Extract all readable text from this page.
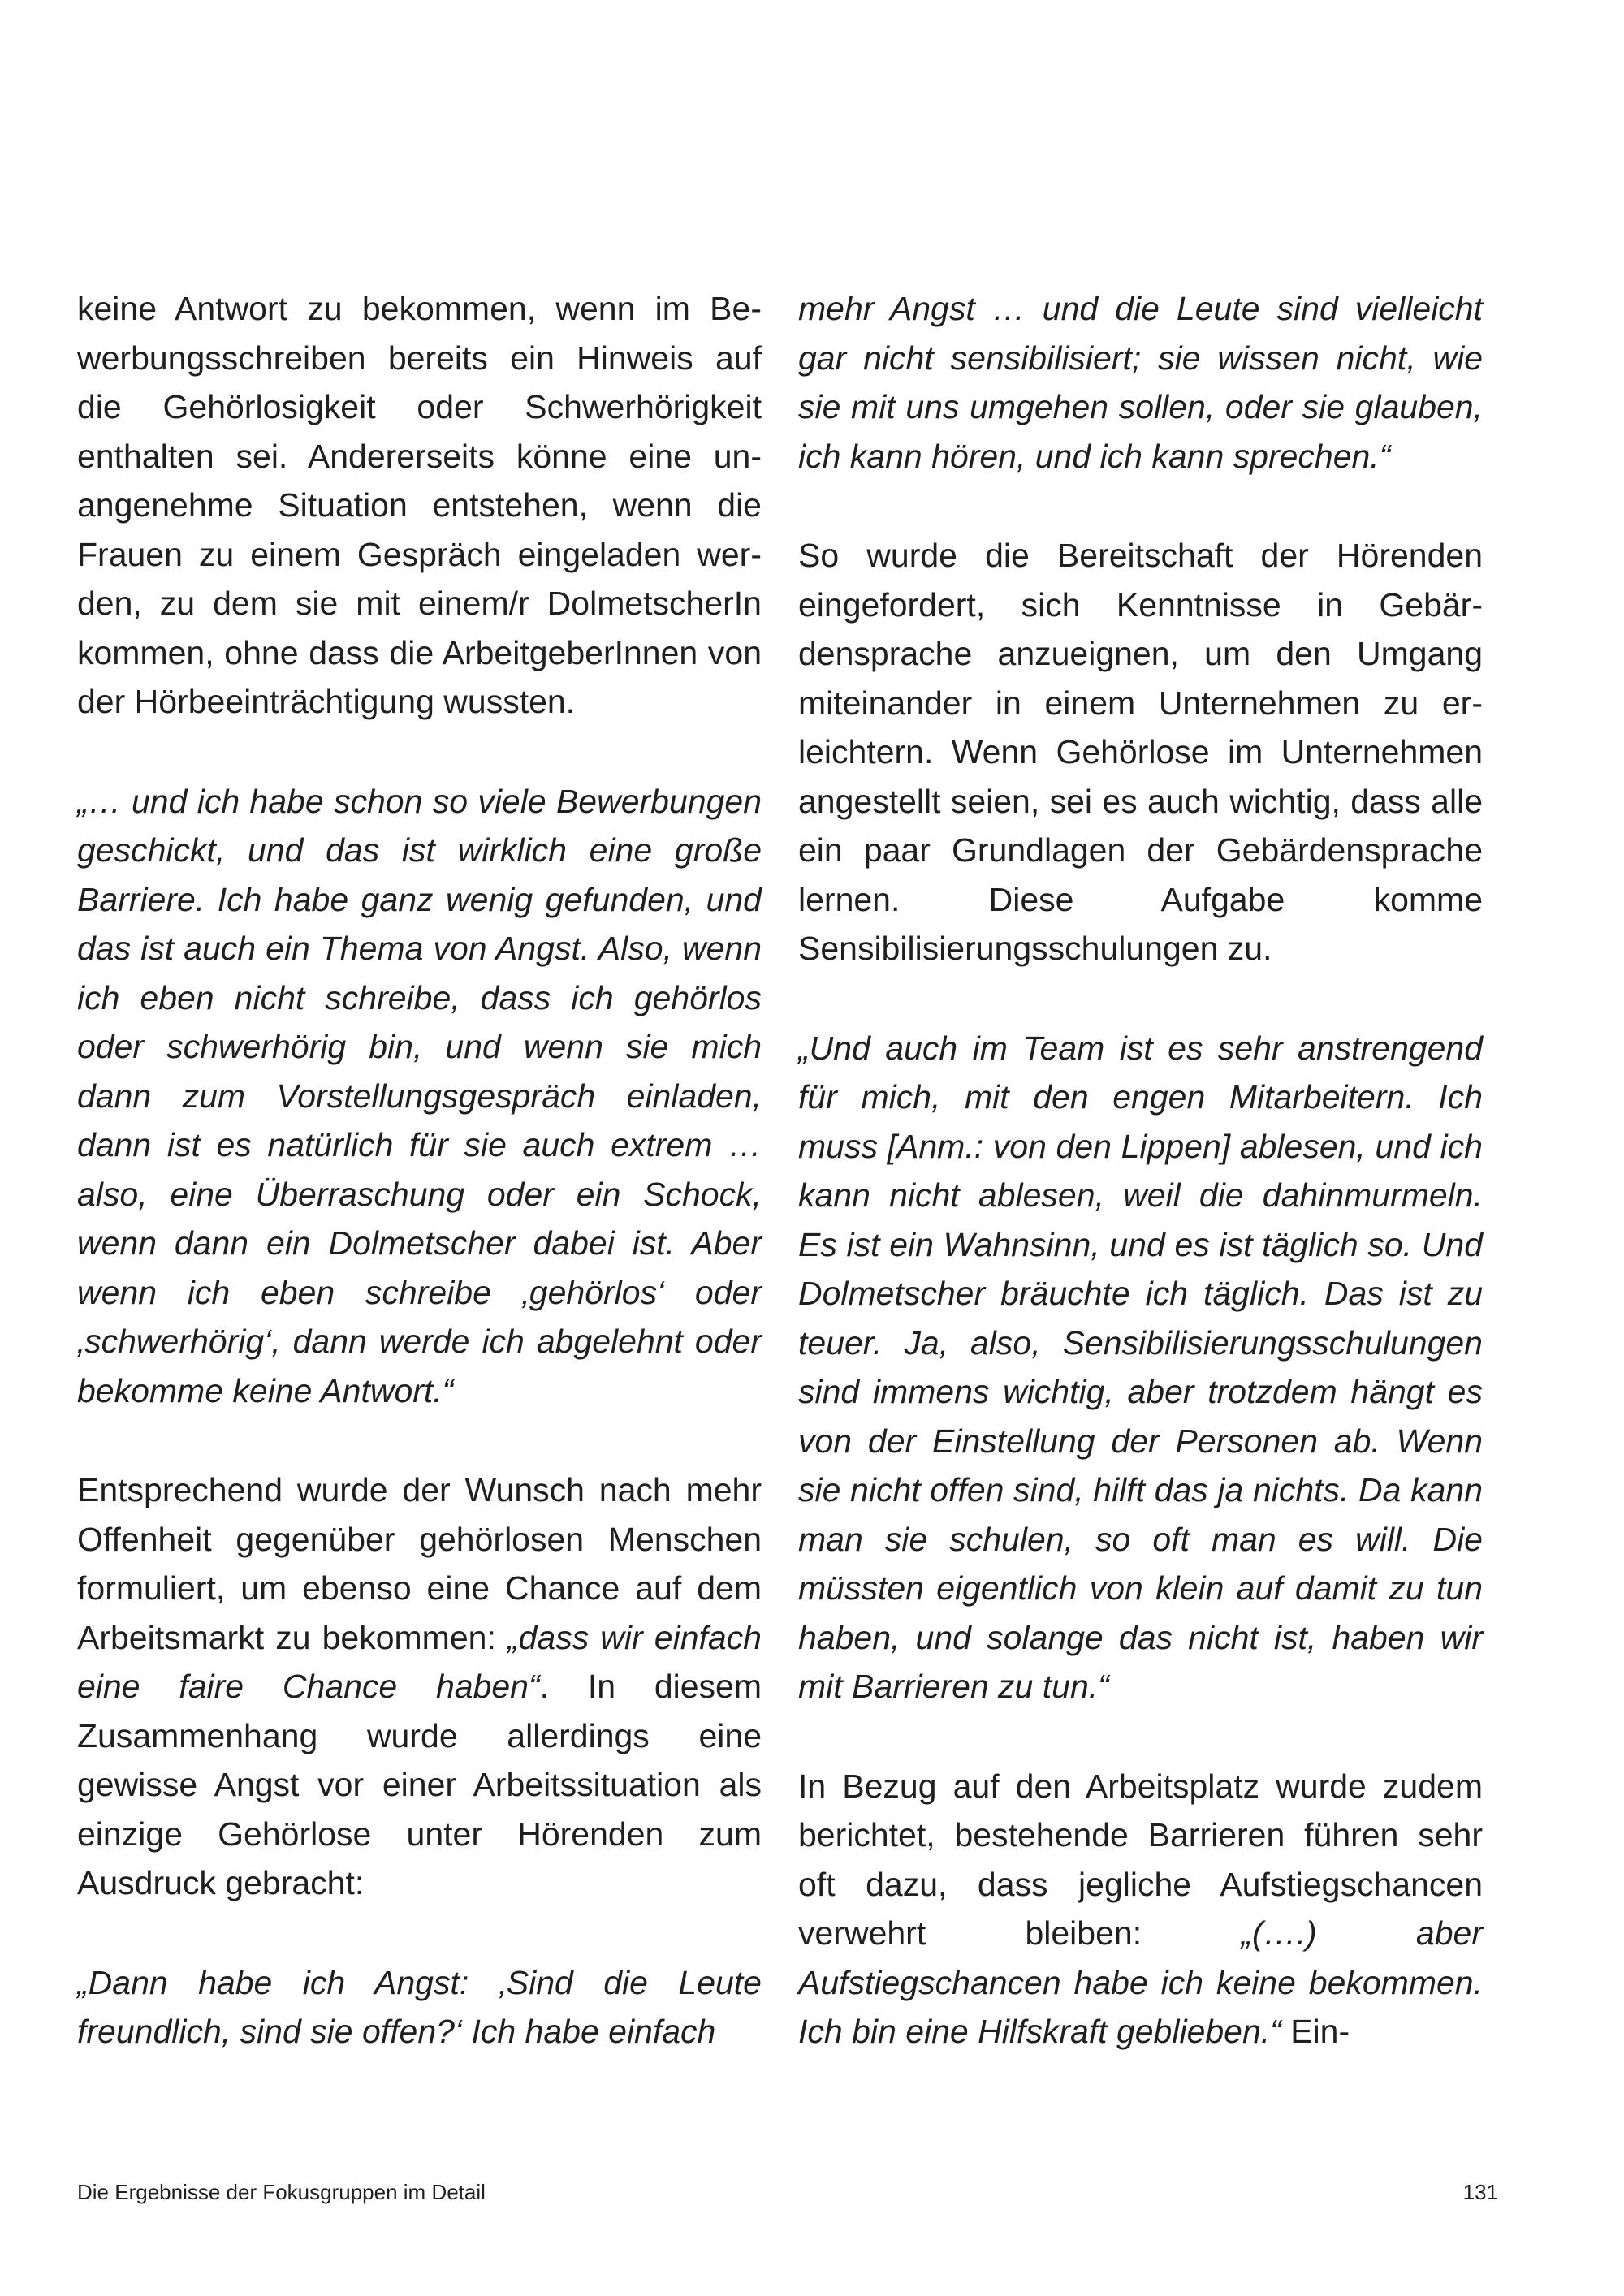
keine Antwort zu bekommen, wenn im Bewerbungsschreiben bereits ein Hinweis auf die Gehörlosigkeit oder Schwerhörigkeit enthalten sei. Andererseits könne eine unangenehme Situation entstehen, wenn die Frauen zu einem Gespräch eingeladen werden, zu dem sie mit einem/r DolmetscherIn kommen, ohne dass die ArbeitgeberInnen von der Hörbeeinträchtigung wussten.

„… und ich habe schon so viele Bewerbungen geschickt, und das ist wirklich eine große Barriere. Ich habe ganz wenig gefunden, und das ist auch ein Thema von Angst. Also, wenn ich eben nicht schreibe, dass ich gehörlos oder schwerhörig bin, und wenn sie mich dann zum Vorstellungsgespräch einladen, dann ist es natürlich für sie auch extrem … also, eine Überraschung oder ein Schock, wenn dann ein Dolmetscher dabei ist. Aber wenn ich eben schreibe ‚gehörlos‘ oder ‚schwerhörig‘, dann werde ich abgelehnt oder bekomme keine Antwort.“

Entsprechend wurde der Wunsch nach mehr Offenheit gegenüber gehörlosen Menschen formuliert, um ebenso eine Chance auf dem Arbeitsmarkt zu bekommen: „dass wir einfach eine faire Chance haben“. In diesem Zusammenhang wurde allerdings eine gewisse Angst vor einer Arbeitssituation als einzige Gehörlose unter Hörenden zum Ausdruck gebracht:

„Dann habe ich Angst: ‚Sind die Leute freundlich, sind sie offen?‘ Ich habe einfach

mehr Angst … und die Leute sind vielleicht gar nicht sensibilisiert; sie wissen nicht, wie sie mit uns umgehen sollen, oder sie glauben, ich kann hören, und ich kann sprechen.“

So wurde die Bereitschaft der Hörenden eingefordert, sich Kenntnisse in Gebärdensprache anzueignen, um den Umgang miteinander in einem Unternehmen zu erleichtern. Wenn Gehörlose im Unternehmen angestellt seien, sei es auch wichtig, dass alle ein paar Grundlagen der Gebärdensprache lernen. Diese Aufgabe komme Sensibilisierungsschulungen zu.

„Und auch im Team ist es sehr anstrengend für mich, mit den engen Mitarbeitern. Ich muss [Anm.: von den Lippen] ablesen, und ich kann nicht ablesen, weil die dahinmurmeln. Es ist ein Wahnsinn, und es ist täglich so. Und Dolmetscher bräuchte ich täglich. Das ist zu teuer. Ja, also, Sensibilisierungsschulungen sind immens wichtig, aber trotzdem hängt es von der Einstellung der Personen ab. Wenn sie nicht offen sind, hilft das ja nichts. Da kann man sie schulen, so oft man es will. Die müssten eigentlich von klein auf damit zu tun haben, und solange das nicht ist, haben wir mit Barrieren zu tun.“

In Bezug auf den Arbeitsplatz wurde zudem berichtet, bestehende Barrieren führen sehr oft dazu, dass jegliche Aufstiegschancen verwehrt bleiben: „(….) aber Aufstiegschancen habe ich keine bekommen. Ich bin eine Hilfskraft geblieben.“ Ein-

Die Ergebnisse der Fokusgruppen im Detail	131
